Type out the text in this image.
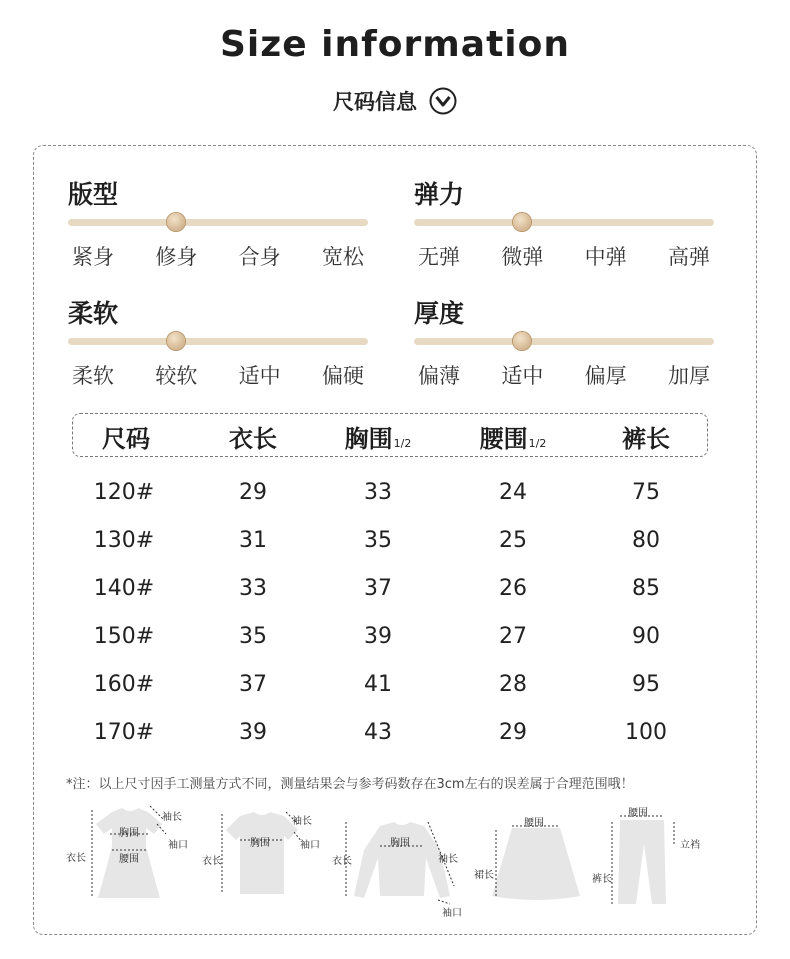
Size information
尺码信息
版型
紧身 修身 合身 宽松
弹力
无弹 微弹 中弹 高弹
柔软
柔软 较软 适中 偏硬
厚度
偏薄 适中 偏厚 加厚
尺码	衣长	胸围1/2	腰围1/2	裤长
120#	29	33	24	75
130#	31	35	25	80
140#	33	37	26	85
150#	35	39	27	90
160#	37	41	28	95
170#	39	43	29	100
*注：以上尺寸因手工测量方式不同，测量结果会与参考码数存在3cm左右的误差属于合理范围哦！
胸围
腰围
衣长
袖长
袖口	胸围
衣长
袖长
袖口	胸围
衣长	袖长
袖口
腰围
裙长
腰围
裤长
立裆
